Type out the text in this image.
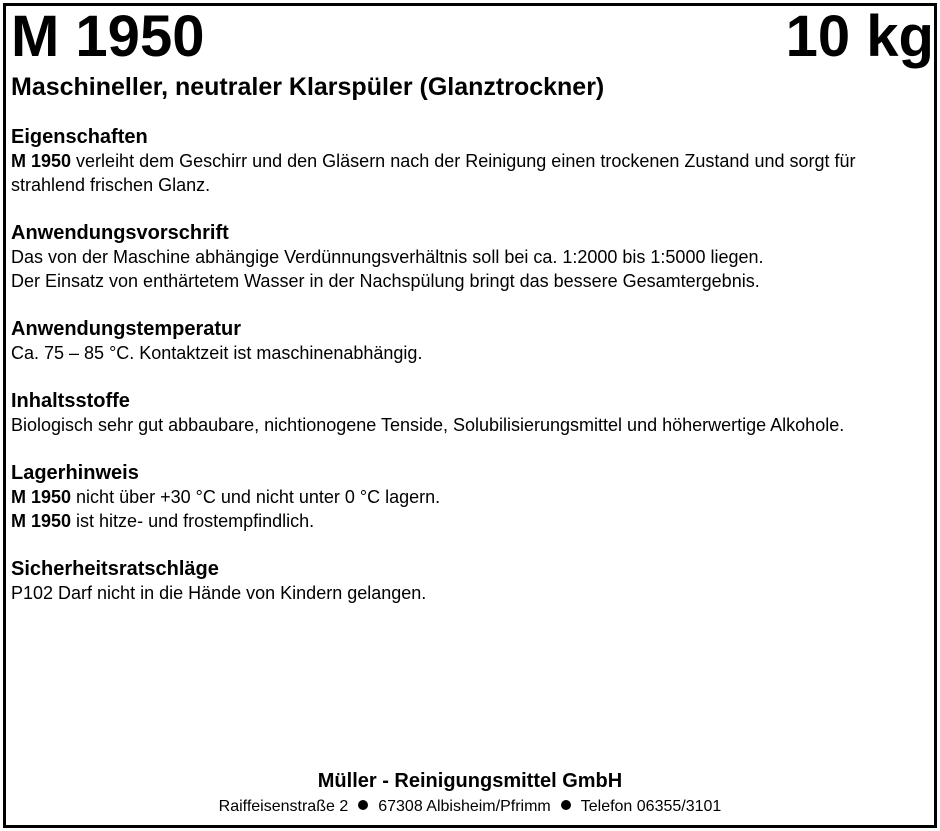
M 1950	10 kg
Maschineller, neutraler Klarspüler (Glanztrockner)
Eigenschaften

M 1950 verleiht dem Geschirr und den Gläsern nach der Reinigung einen trockenen Zustand und sorgt für strahlend frischen Glanz.

Anwendungsvorschrift

Das von der Maschine abhängige Verdünnungsverhältnis soll bei ca. 1:2000 bis 1:5000 liegen.

Der Einsatz von enthärtetem Wasser in der Nachspülung bringt das bessere Gesamtergebnis.

Anwendungstemperatur

Ca. 75 – 85 °C. Kontaktzeit ist maschinenabhängig.

Inhaltsstoffe

Biologisch sehr gut abbaubare, nichtionogene Tenside, Solubilisierungsmittel und höherwertige Alkohole.

Lagerhinweis

M 1950 nicht über +30 °C und nicht unter 0 °C lagern.

M 1950 ist hitze- und frostempfindlich.

Sicherheitsratschläge

P102 Darf nicht in die Hände von Kindern gelangen.

Müller - Reinigungsmittel GmbH
Raiffeisenstraße 2 67308 Albisheim/Pfrimm Telefon 06355/3101
